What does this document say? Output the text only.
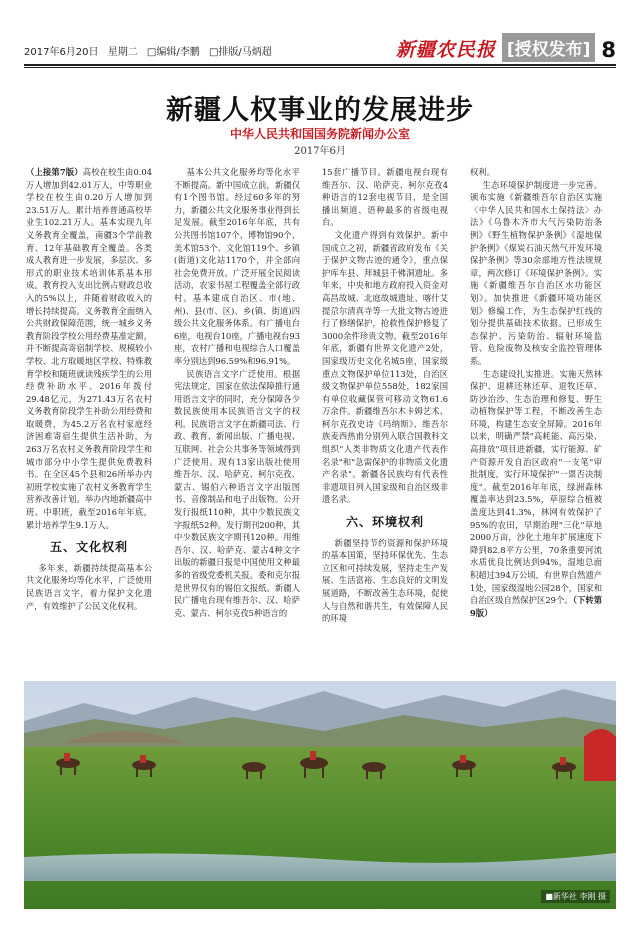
2017年6月20日 星期二 □编辑/李鹏 □排版/马炳超	新疆农民报 [授权发布] 8
新疆人权事业的发展进步
中华人民共和国国务院新闻办公室
2017年6月

（上接第7版）高校在校生由0.04万人增加到42.01万人，中等职业学校在校生由0.20万人增加到23.51万人。累计培养普通高校毕业生102.21万人。基本实现九年义务教育全覆盖，南疆3个学前教育、12年基础教育全覆盖。各类成人教育进一步发展，多层次、多形式的职业技术培训体系基本形成。教育投入支出比例占财政总收入的5%以上，并随着财政收入的增长持续提高。义务教育全面纳入公共财政保障范围，统一城乡义务教育阶段学校公用经费基准定额，并不断提高寄宿制学校、规模较小学校、北方取暖地区学校、特殊教育学校和随班就读残疾学生的公用经费补助水平。2016年拨付29.48亿元，为271.43万名农村义务教育阶段学生补助公用经费和取暖费，为45.2万名农村家庭经济困难寄宿生提供生活补助，为263万名农村义务教育阶段学生和城市部分中小学生提供免费教科书。在全区45个县和26所举办内初班学校实施了农村义务教育学生营养改善计划。举办内地新疆高中班、中职班，截至2016年年底，累计培养学生9.1万人。

五、文化权利

多年来，新疆持续提高基本公共文化服务均等化水平，广泛使用民族语言文字，着力保护文化遗产，有效维护了公民文化权利。

基本公共文化服务均等化水平不断提高。新中国成立前，新疆仅有1个图书馆。经过60多年的努力，新疆公共文化服务事业得到长足发展。截至2016年年底，共有公共图书馆107个、博物馆90个、美术馆53个、文化馆119个、乡镇(街道)文化站1170个，并全部向社会免费开放。广泛开展全民阅读活动，农家书屋工程覆盖全部行政村。基本建成自治区、市(地、州)、县(市、区)、乡(镇、街道)四级公共文化服务体系。有广播电台6座，电视台10座，广播电视台93座，农村广播和电视综合人口覆盖率分别达到96.59%和96.91%。

民族语言文字广泛使用。根据宪法规定，国家在依法保障推行通用语言文字的同时，充分保障各少数民族使用本民族语言文字的权利。民族语言文字在新疆司法、行政、教育、新闻出版、广播电视、互联网、社会公共事务等领域得到广泛使用。现有13家出版社使用维吾尔、汉、哈萨克、柯尔克孜、蒙古、锡伯六种语言文字出版图书、音像制品和电子出版物。公开发行报纸110种，其中少数民族文字报纸52种。发行期刊200种，其中少数民族文字期刊120种。用维吾尔、汉、哈萨克、蒙古4种文字出版的新疆日报是中国使用文种最多的省级党委机关报。委和克尔报是世界仅有的锡伯文报纸。新疆人民广播电台现有维吾尔、汉、哈萨克、蒙古、柯尔克孜5种语言的

15套广播节目。新疆电视台现有维吾尔、汉、哈萨克、柯尔克孜4种语言的12套电视节目，是全国播出频道、语种最多的省级电视台。

文化遗产得到有效保护。新中国成立之初，新疆省政府发布《关于保护文物古迹的通令》，重点保护库车县、拜城县千佛洞遗址。多年来，中央和地方政府投入资金对高昌故城、北庭故城遗址、喀什艾提尕尔清真寺等一大批文物古迹进行了修缮保护，抢救性保护修复了3000余件珍贵文物。截至2016年年底，新疆有世界文化遗产2处，国家级历史文化名城5座，国家级重点文物保护单位113处，自治区级文物保护单位558处，182家国有单位收藏保管可移动文物61.6万余件。新疆维吾尔木卡姆艺术、柯尔克孜史诗《玛纳斯》、维吾尔族麦西热甫分别列入联合国教科文组织"人类非物质文化遗产代表作名录"和"急需保护的非物质文化遗产名录"。新疆各民族均有代表性非遗项目列入国家级和自治区级非遗名录。

六、环境权利

新疆坚持节约资源和保护环境的基本国策，坚持环保优先、生态立区和可持续发展，坚持走生产发展、生活富裕、生态良好的文明发展道路，不断改善生态环境，促使人与自然和谐共生，有效保障人民的环境

权利。

生态环境保护制度进一步完善。颁布实施《新疆维吾尔自治区实施〈中华人民共和国水土保持法〉办法》《乌鲁木齐市大气污染防治条例》《野生植物保护条例》《湿地保护条例》《煤炭石油天然气开发环境保护条例》等30余部地方性法规规章，两次修订《环境保护条例》。实施《新疆维吾尔自治区水功能区划》。加快推进《新疆环境功能区划》修编工作，为生态保护红线的划分提供基础技术依据。已形成生态保护、污染防治、辐射环境监管、危险废物及核安全监控管理体系。

生态建设扎实推进。实施天然林保护、退耕还林还草、退牧还草、防沙治沙、生态治理和修复、野生动植物保护等工程，不断改善生态环境，构建生态安全屏障。2016年以来，明确严禁"高耗能、高污染、高排放"项目进新疆，实行能源、矿产资源开发自治区政府"一支笔"审批制度，实行环境保护"一票否决制度"。截至2016年年底，绿洲森林覆盖率达到23.5%，草原综合植被盖度达到41.3%，林网有效保护了95%的农田，早期治理"三化"草地2000万亩，沙化土地年扩展速度下降到82.8平方公里，70条重要河流水质优良比例达到94%，湿地总面积超过394万公顷，有世界自然遗产1处，国家级湿地公园28个，国家和自治区级自然保护区29个。（下转第9版）

■新华社 李刚 摄
